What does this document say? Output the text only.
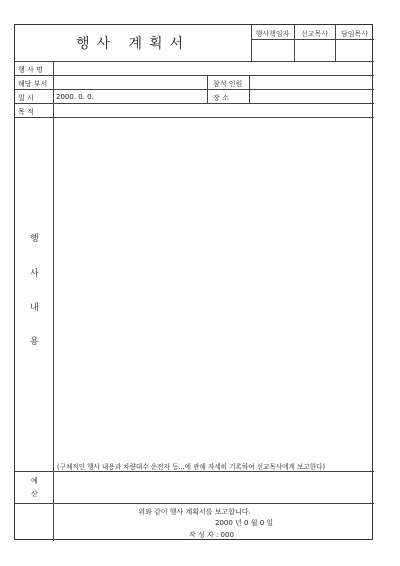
행사 계획서
행사책임자	선교목사	담임목사
행 사 명
해당 부서	참석 인원
일 시	2000. 0. 0.	장 소
목 적
행
사
내
용
(구체적인 행사 내용과 차량대수 운전자 등...에 관해 자세히 기록하여 선교목사에게 보고한다)
예
산
위와 같이 행사 계획서를 보고합니다.
2000 년 0 월 0 일
작 성 자 : 000
